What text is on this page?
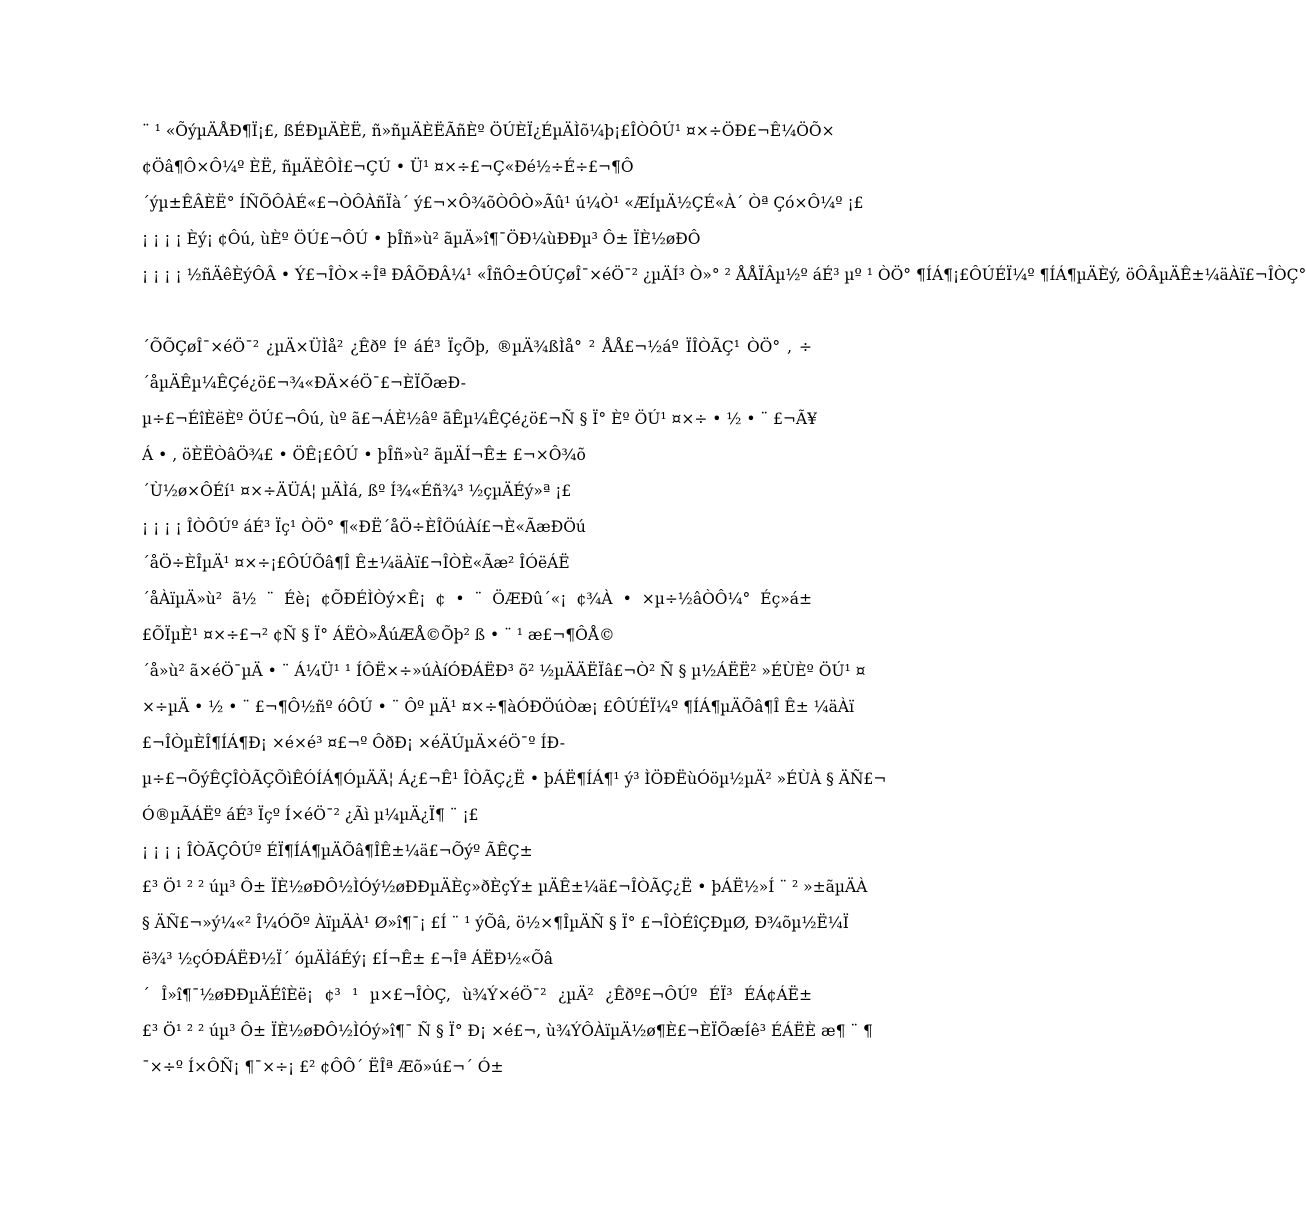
¨ ¹ «ÕýµÄÅÐ¶Ï¡£, ßÉÐµÄÈË, ñ»ñµÄÈËÃñÈº ÖÚÈÏ¿ÉµÄÌõ¼þ¡£ÎÒÔÚ¹ ¤×÷ÖÐ£¬Ê¼ÖÕ×

¢Öâ¶Ô×Ô¼º ÈË, ñµÄÈÔÌ£¬ÇÚ • Ü¹ ¤×÷£¬Ç«Ðé½÷É÷£¬¶Ô

´ýµ±ÊÂÈË° ÍÑÕÔÀÉ«£¬ÒÔÀñÏà´ ý£¬×Ô¾õÒÔÒ»Ãû¹ ú¼Ò¹ «ÆÍµÄ½ÇÉ«À´ Òª Çó×Ô¼º ¡£

¡ ¡ ¡ ¡ Èý¡ ¢Ôú, ùÈº ÖÚ£¬ÔÚ • þÎñ»ù² ãµÄ»î¶¯ÖÐ¼ùÐÐµ³ Ô± ÏÈ½øÐÔ

¡ ¡ ¡ ¡ ½ñÄêÈýÔÂ • Ý£¬ÎÒ×÷Îª ÐÂÕÐÂ¼¹ «ÎñÔ±ÔÚÇøÎ¯×éÖ¯² ¿µÄÍ³ Ò»° ² ÅÅÏÂµ½º áÉ³ µº ¹ ÒÖ° ¶ÍÁ¶¡£ÔÚÉÏ¼º ¶ÍÁ¶µÄÈý, öÔÂµÄÊ±¼äÀï£¬ÎÒÇ°

´ÕÕÇøÎ¯×éÖ¯² ¿µÄ×ÜÌå² ¿Êðº Íº áÉ³ ÏçÕþ, ®µÄ¾ßÌå° ² ÅÅ£¬½áº ÏÎÒÃÇ¹ ÒÖ° , ÷

´åµÄÊµ¼ÊÇé¿ö£¬¾«ÐÄ×éÖ¯£¬ÈÏÕæÐ-

µ÷£¬ÉîÈëÈº ÖÚ£¬Ôú, ùº ã£¬ÁÈ½âº ãÊµ¼ÊÇé¿ö£¬Ñ § Ï° Èº ÖÚ¹ ¤×÷ • ½ • ¨ £¬Ã¥

Á • , öÈËÒâÖ¾£ • ÖÊ¡£ÔÚ • þÎñ»ù² ãµÄÍ¬Ê± £¬×Ô¾õ

´Ù½ø×ÔÉí¹ ¤×÷ÄÜÁ¦ µÄÌá, ßº Í¾«Éñ¾³ ½çµÄÉý»ª ¡£

¡ ¡ ¡ ¡ ÎÒÔÚº áÉ³ Ïç¹ ÒÖ° ¶«ÐË´åÖ÷ÈÎÖúÀí£¬È«ÃæÐÖú

´åÖ÷ÈÎµÄ¹ ¤×÷¡£ÔÚÕâ¶Î Ê±¼äÀï£¬ÎÒÈ«Ãæ² ÎÓëÁË

´åÀïµÄ»ù² ã½ ¨ Éè¡ ¢ÕÐÉÌÒý×Ê¡ ¢ • ¨ ÖÆÐû´«¡ ¢¾À • ×µ÷½âÒÔ¼° Éç»á±

£ÕÏµÈ¹ ¤×÷£¬² ¢Ñ § Ï° ÁËÒ»ÅúÆÅ©Õþ² ß • ¨ ¹ æ£¬¶ÔÅ©

´å»ù² ã×éÖ¯µÄ • ¨ Á¼Ü¹ ¹ ÍÔË×÷»úÀíÓÐÁËÐ³ õ² ½µÄÄËÏâ£¬Ò² Ñ § µ½ÁËË² »ÉÙÈº ÖÚ¹ ¤

×÷µÄ • ½ • ¨ £¬¶Ô½ñº óÔÚ • ¨ Ôº µÄ¹ ¤×÷¶àÓÐÖúÒæ¡ £ÔÚÉÏ¼º ¶ÍÁ¶µÄÕâ¶Î Ê± ¼äÀï

£¬ÎÒµÈÎ¶ÍÁ¶Ð¡ ×é×é³ ¤£¬º ÔðÐ¡ ×éÄÚµÄ×éÖ¯º ÍÐ-

µ÷£¬ÕýÊÇÎÒÃÇÕìÊÓÍÁ¶ÓµÄÄ¦ Á¿£¬Ê¹ ÎÒÃÇ¿Ë • þÁË¶ÍÁ¶¹ ý³ ÌÖÐËùÓöµ½µÄ² »ÉÙÀ § ÄÑ£¬

Ó®µÃÁËº áÉ³ Ïçº Í×éÖ¯² ¿Ãì µ¼µÄ¿Ï¶ ¨ ¡£

¡ ¡ ¡ ¡ ÎÒÃÇÔÚº ÉÏ¶ÍÁ¶µÄÕâ¶ÎÊ±¼ä£¬Õýº ÃÊÇ±

£³ Ö¹ ² ² úµ³ Ô± ÏÈ½øÐÔ½ÌÓý½øÐÐµÄÈç»ðÈçÝ± µÄÊ±¼ä£¬ÎÒÃÇ¿Ë • þÁË½»Í ¨ ² »±ãµÄÀ

§ ÄÑ£¬»ý¼«² Î¼ÓÕº ÀïµÄÀ¹ Ø»î¶¯¡ £Í ¨ ¹ ýÕâ, ö½×¶ÎµÄÑ § Ï° £¬ÎÒÉîÇÐµØ, Ð¾õµ½Ë¼Ï

ë¾³ ½çÓÐÁËÐ½Ï´ óµÄÌáÉý¡ £Í¬Ê± £¬Îª ÁËÐ½«Õâ

´ Î»î¶¯½øÐÐµÄÉîÈë¡ ¢³ ¹ µ×£¬ÎÒÇ, ù¾Ý×éÖ¯² ¿µÄ² ¿Êðº£¬ÔÚº ÉÏ³ ÉÁ¢ÁË±

£³ Ö¹ ² ² úµ³ Ô± ÏÈ½øÐÔ½ÌÓý»î¶¯ Ñ § Ï° Ð¡ ×é£¬, ù¾ÝÔÀïµÄ½ø¶È£¬ÈÏÕæÍê³ ÉÁËÈ æ¶ ¨ ¶

¯×÷º Í×ÔÑ¡ ¶¯×÷¡ £² ¢ÔÔ´ ËÎª Æõ»ú£¬´ Ó±
